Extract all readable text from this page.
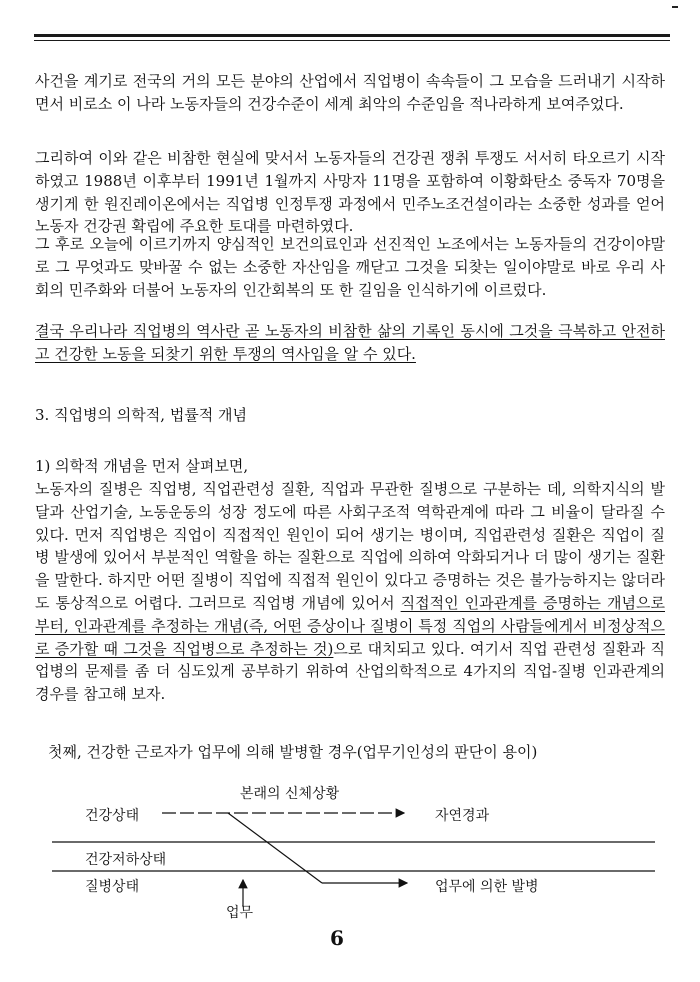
사건을 계기로 전국의 거의 모든 분야의 산업에서 직업병이 속속들이 그 모습을 드러내기 시작하면서 비로소 이 나라 노동자들의 건강수준이 세계 최악의 수준임을 적나라하게 보여주었다.

그리하여 이와 같은 비참한 현실에 맞서서 노동자들의 건강권 쟁취 투쟁도 서서히 타오르기 시작하였고 1988년 이후부터 1991년 1월까지 사망자 11명을 포함하여 이황화탄소 중독자 70명을 생기게 한 원진레이온에서는 직업병 인정투쟁 과정에서 민주노조건설이라는 소중한 성과를 얻어 노동자 건강권 확립에 주요한 토대를 마련하였다.

그 후로 오늘에 이르기까지 양심적인 보건의료인과 선진적인 노조에서는 노동자들의 건강이야말로 그 무엇과도 맞바꿀 수 없는 소중한 자산임을 깨닫고 그것을 되찾는 일이야말로 바로 우리 사회의 민주화와 더불어 노동자의 인간회복의 또 한 길임을 인식하기에 이르렀다.

결국 우리나라 직업병의 역사란 곧 노동자의 비참한 삶의 기록인 동시에 그것을 극복하고 안전하고 건강한 노동을 되찾기 위한 투쟁의 역사임을 알 수 있다.

3. 직업병의 의학적, 법률적 개념

1) 의학적 개념을 먼저 살펴보면,

노동자의 질병은 직업병, 직업관련성 질환, 직업과 무관한 질병으로 구분하는 데, 의학지식의 발달과 산업기술, 노동운동의 성장 정도에 따른 사회구조적 역학관계에 따라 그 비율이 달라질 수 있다. 먼저 직업병은 직업이 직접적인 원인이 되어 생기는 병이며, 직업관련성 질환은 직업이 질병 발생에 있어서 부분적인 역할을 하는 질환으로 직업에 의하여 악화되거나 더 많이 생기는 질환을 말한다. 하지만 어떤 질병이 직업에 직접적 원인이 있다고 증명하는 것은 불가능하지는 않더라도 통상적으로 어렵다. 그러므로 직업병 개념에 있어서 직접적인 인과관계를 증명하는 개념으로부터, 인과관계를 추정하는 개념(즉, 어떤 증상이나 질병이 특정 직업의 사람들에게서 비정상적으로 증가할 때 그것을 직업병으로 추정하는 것)으로 대치되고 있다. 여기서 직업 관련성 질환과 직업병의 문제를 좀 더 심도있게 공부하기 위하여 산업의학적으로 4가지의 직업-질병 인과관계의 경우를 참고해 보자.

첫째, 건강한 근로자가 업무에 의해 발병할 경우(업무기인성의 판단이 용이)

본래의 신체상황
건강상태
건강저하상태
질병상태
자연경과
업무에 의한 발병
업무
6
